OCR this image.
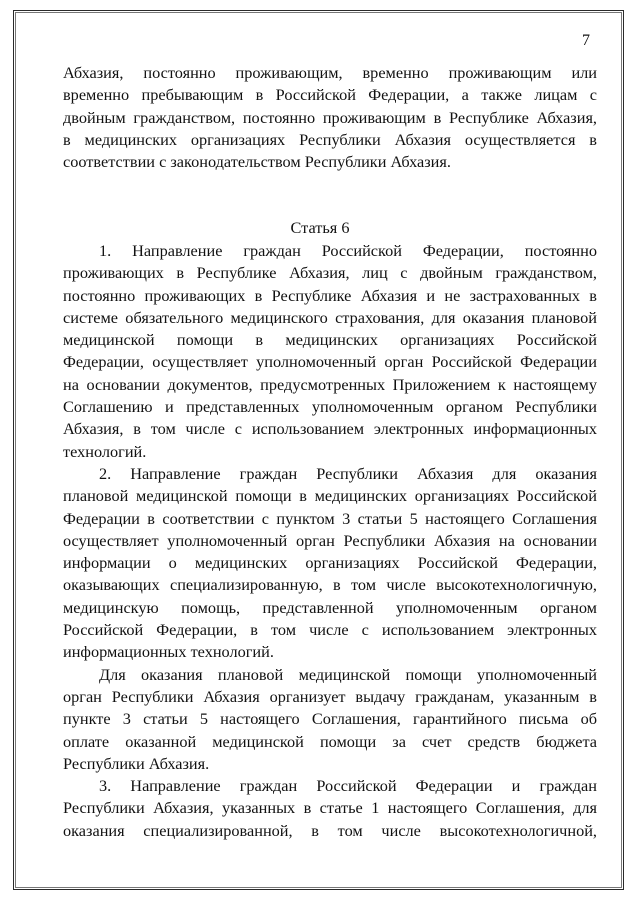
7
Абхазия, постоянно проживающим, временно проживающим или
временно пребывающим в Российской Федерации, а также лицам с
двойным гражданством, постоянно проживающим в Республике Абхазия,
в медицинских организациях Республики Абхазия осуществляется в
соответствии с законодательством Республики Абхазия.
Статья 6
1. Направление граждан Российской Федерации, постоянно
проживающих в Республике Абхазия, лиц с двойным гражданством,
постоянно проживающих в Республике Абхазия и не застрахованных в
системе обязательного медицинского страхования, для оказания плановой
медицинской помощи в медицинских организациях Российской
Федерации, осуществляет уполномоченный орган Российской Федерации
на основании документов, предусмотренных Приложением к настоящему
Соглашению и представленных уполномоченным органом Республики
Абхазия, в том числе с использованием электронных информационных
технологий.
2. Направление граждан Республики Абхазия для оказания
плановой медицинской помощи в медицинских организациях Российской
Федерации в соответствии с пунктом 3 статьи 5 настоящего Соглашения
осуществляет уполномоченный орган Республики Абхазия на основании
информации о медицинских организациях Российской Федерации,
оказывающих специализированную, в том числе высокотехнологичную,
медицинскую помощь, представленной уполномоченным органом
Российской Федерации, в том числе с использованием электронных
информационных технологий.
Для оказания плановой медицинской помощи уполномоченный
орган Республики Абхазия организует выдачу гражданам, указанным в
пункте 3 статьи 5 настоящего Соглашения, гарантийного письма об
оплате оказанной медицинской помощи за счет средств бюджета
Республики Абхазия.
3. Направление граждан Российской Федерации и граждан
Республики Абхазия, указанных в статье 1 настоящего Соглашения, для
оказания специализированной, в том числе высокотехнологичной,
